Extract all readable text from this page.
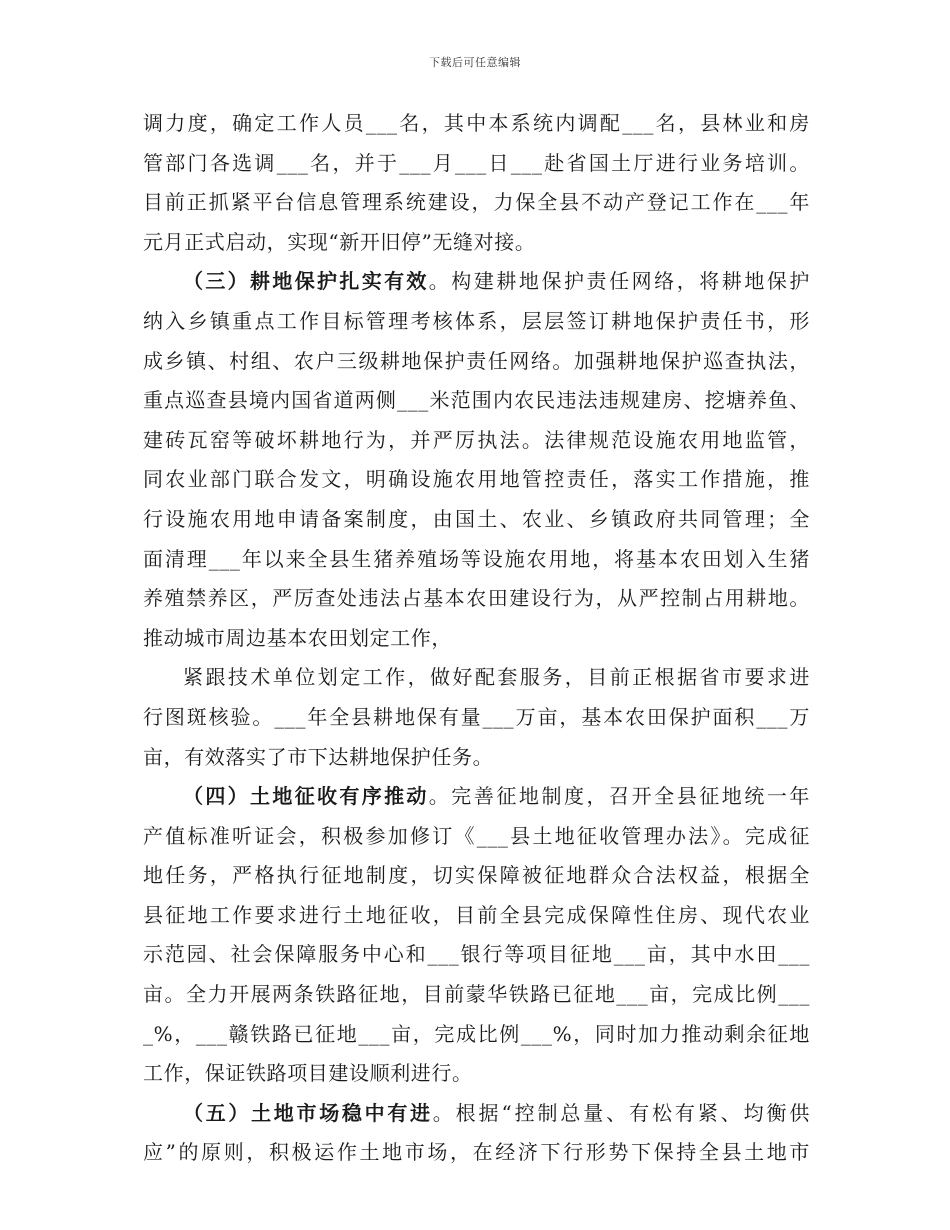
下载后可任意编辑
调力度，确定工作人员___名，其中本系统内调配___名，县林业和房
管部门各选调___名，并于___月___日___赴省国土厅进行业务培训。
目前正抓紧平台信息管理系统建设，力保全县不动产登记工作在___年
元月正式启动，实现“新开旧停”无缝对接。
（三）耕地保护扎实有效。构建耕地保护责任网络，将耕地保护
纳入乡镇重点工作目标管理考核体系，层层签订耕地保护责任书，形
成乡镇、村组、农户三级耕地保护责任网络。加强耕地保护巡查执法，
重点巡查县境内国省道两侧___米范围内农民违法违规建房、挖塘养鱼、
建砖瓦窑等破坏耕地行为，并严厉执法。法律规范设施农用地监管，
同农业部门联合发文，明确设施农用地管控责任，落实工作措施，推
行设施农用地申请备案制度，由国土、农业、乡镇政府共同管理；全
面清理___年以来全县生猪养殖场等设施农用地，将基本农田划入生猪
养殖禁养区，严厉查处违法占基本农田建设行为，从严控制占用耕地。
推动城市周边基本农田划定工作，
紧跟技术单位划定工作，做好配套服务，目前正根据省市要求进
行图斑核验。___年全县耕地保有量___万亩，基本农田保护面积___万
亩，有效落实了市下达耕地保护任务。
（四）土地征收有序推动。完善征地制度，召开全县征地统一年
产值标准听证会，积极参加修订《___县土地征收管理办法》。完成征
地任务，严格执行征地制度，切实保障被征地群众合法权益，根据全
县征地工作要求进行土地征收，目前全县完成保障性住房、现代农业
示范园、社会保障服务中心和___银行等项目征地___亩，其中水田___
亩。全力开展两条铁路征地，目前蒙华铁路已征地___亩，完成比例___
_%，___赣铁路已征地___亩，完成比例___%，同时加力推动剩余征地
工作，保证铁路项目建设顺利进行。
（五）土地市场稳中有进。根据“控制总量、有松有紧、均衡供
应”的原则，积极运作土地市场，在经济下行形势下保持全县土地市
